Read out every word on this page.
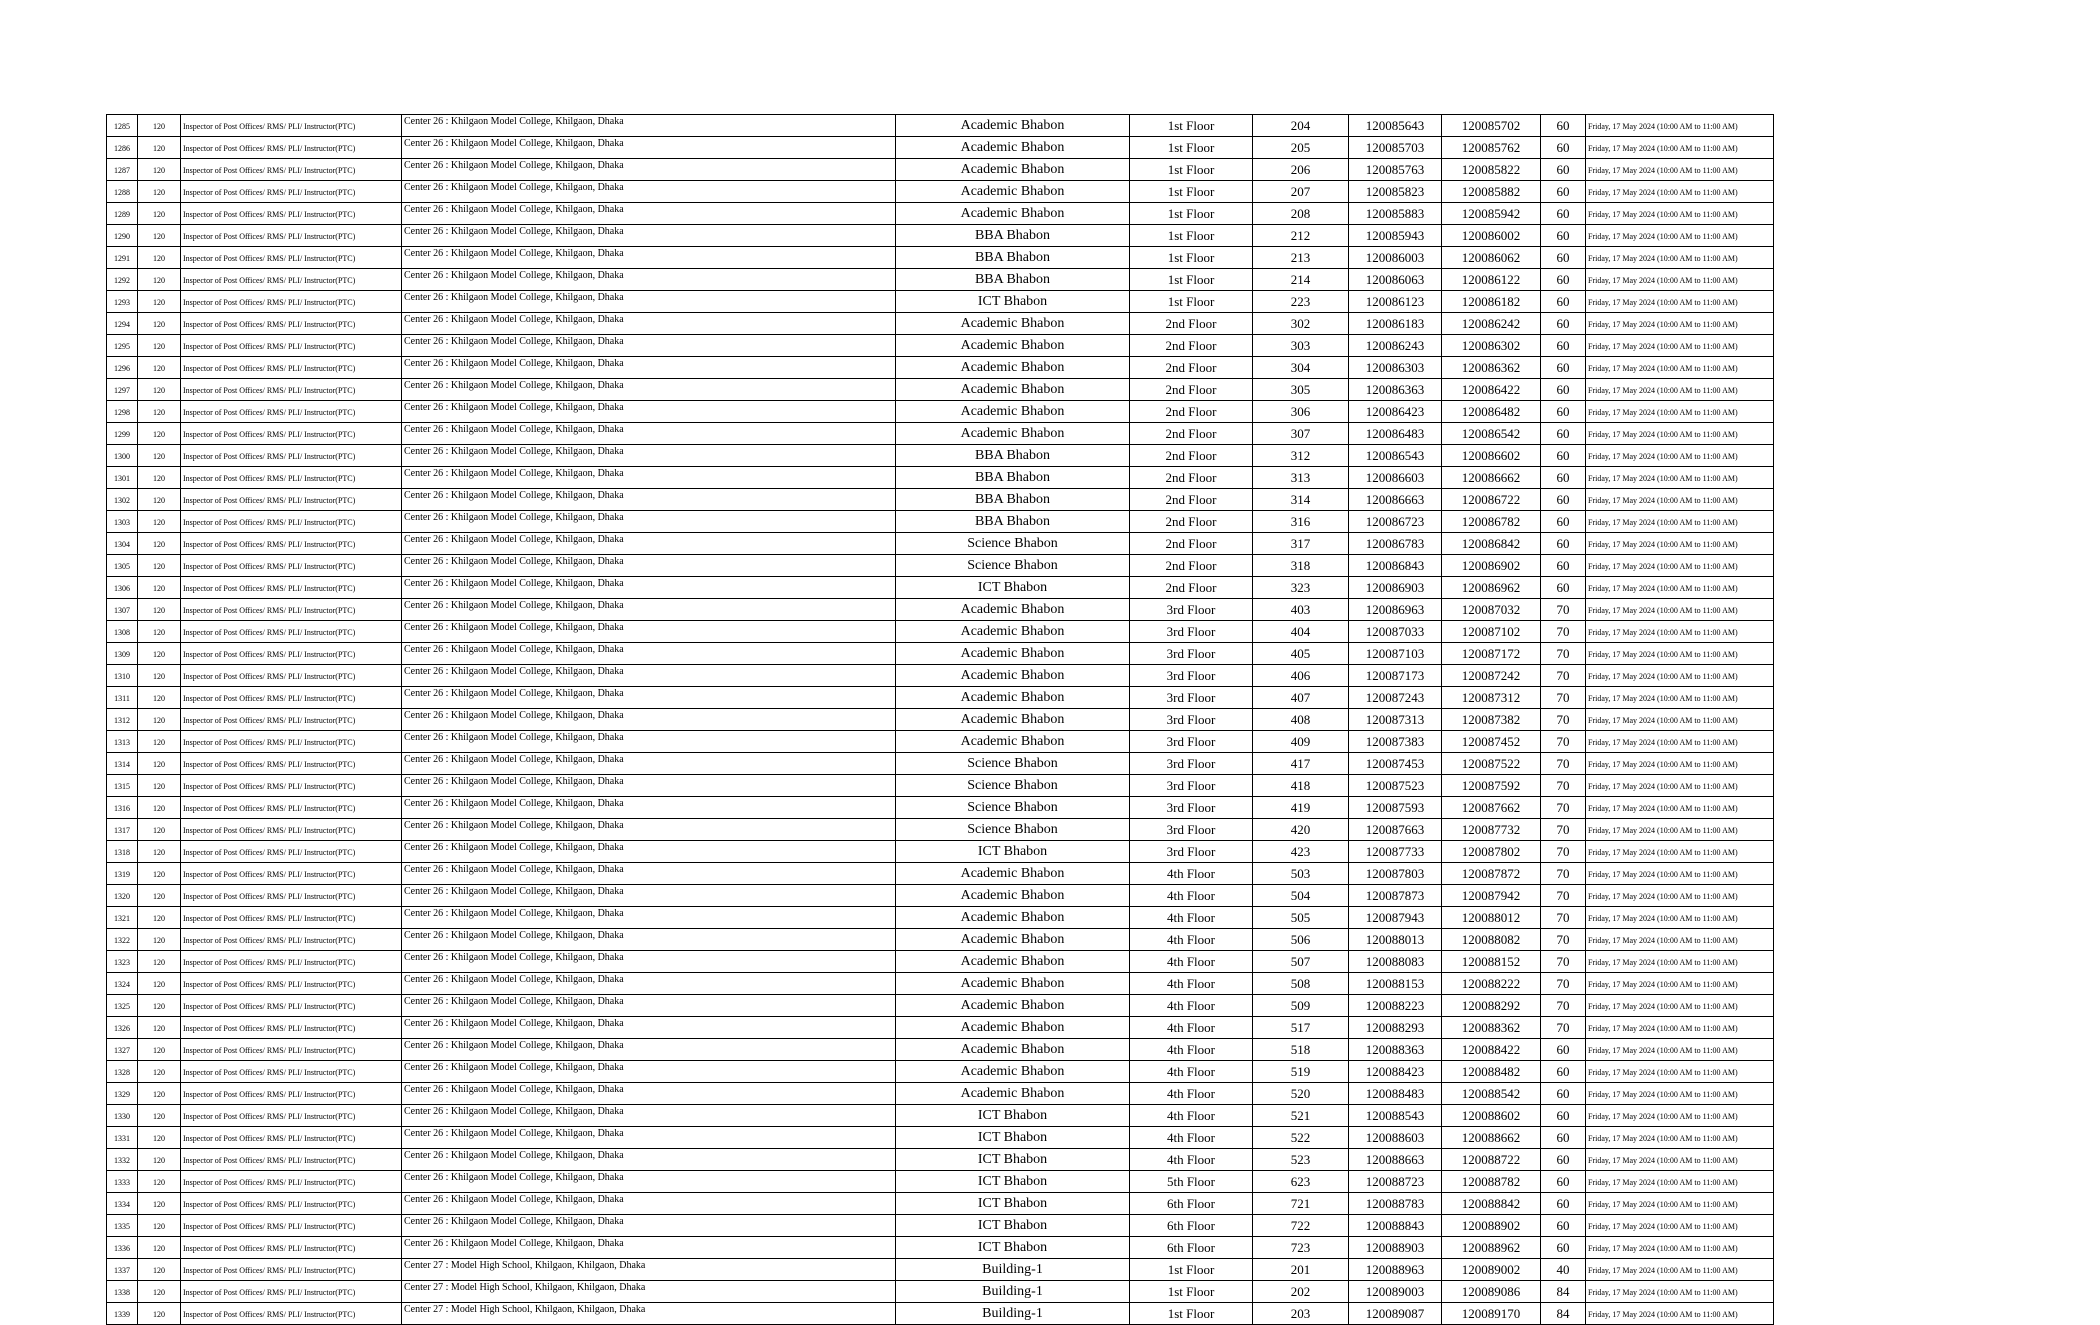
1285	120	Inspector of Post Offices/ RMS/ PLI/ Instructor(PTC)	Center 26 : Khilgaon Model College, Khilgaon, Dhaka	Academic Bhabon	1st Floor	204	120085643	120085702	60	Friday, 17 May 2024 (10:00 AM to 11:00 AM)
1286	120	Inspector of Post Offices/ RMS/ PLI/ Instructor(PTC)	Center 26 : Khilgaon Model College, Khilgaon, Dhaka	Academic Bhabon	1st Floor	205	120085703	120085762	60	Friday, 17 May 2024 (10:00 AM to 11:00 AM)
1287	120	Inspector of Post Offices/ RMS/ PLI/ Instructor(PTC)	Center 26 : Khilgaon Model College, Khilgaon, Dhaka	Academic Bhabon	1st Floor	206	120085763	120085822	60	Friday, 17 May 2024 (10:00 AM to 11:00 AM)
1288	120	Inspector of Post Offices/ RMS/ PLI/ Instructor(PTC)	Center 26 : Khilgaon Model College, Khilgaon, Dhaka	Academic Bhabon	1st Floor	207	120085823	120085882	60	Friday, 17 May 2024 (10:00 AM to 11:00 AM)
1289	120	Inspector of Post Offices/ RMS/ PLI/ Instructor(PTC)	Center 26 : Khilgaon Model College, Khilgaon, Dhaka	Academic Bhabon	1st Floor	208	120085883	120085942	60	Friday, 17 May 2024 (10:00 AM to 11:00 AM)
1290	120	Inspector of Post Offices/ RMS/ PLI/ Instructor(PTC)	Center 26 : Khilgaon Model College, Khilgaon, Dhaka	BBA Bhabon	1st Floor	212	120085943	120086002	60	Friday, 17 May 2024 (10:00 AM to 11:00 AM)
1291	120	Inspector of Post Offices/ RMS/ PLI/ Instructor(PTC)	Center 26 : Khilgaon Model College, Khilgaon, Dhaka	BBA Bhabon	1st Floor	213	120086003	120086062	60	Friday, 17 May 2024 (10:00 AM to 11:00 AM)
1292	120	Inspector of Post Offices/ RMS/ PLI/ Instructor(PTC)	Center 26 : Khilgaon Model College, Khilgaon, Dhaka	BBA Bhabon	1st Floor	214	120086063	120086122	60	Friday, 17 May 2024 (10:00 AM to 11:00 AM)
1293	120	Inspector of Post Offices/ RMS/ PLI/ Instructor(PTC)	Center 26 : Khilgaon Model College, Khilgaon, Dhaka	ICT Bhabon	1st Floor	223	120086123	120086182	60	Friday, 17 May 2024 (10:00 AM to 11:00 AM)
1294	120	Inspector of Post Offices/ RMS/ PLI/ Instructor(PTC)	Center 26 : Khilgaon Model College, Khilgaon, Dhaka	Academic Bhabon	2nd Floor	302	120086183	120086242	60	Friday, 17 May 2024 (10:00 AM to 11:00 AM)
1295	120	Inspector of Post Offices/ RMS/ PLI/ Instructor(PTC)	Center 26 : Khilgaon Model College, Khilgaon, Dhaka	Academic Bhabon	2nd Floor	303	120086243	120086302	60	Friday, 17 May 2024 (10:00 AM to 11:00 AM)
1296	120	Inspector of Post Offices/ RMS/ PLI/ Instructor(PTC)	Center 26 : Khilgaon Model College, Khilgaon, Dhaka	Academic Bhabon	2nd Floor	304	120086303	120086362	60	Friday, 17 May 2024 (10:00 AM to 11:00 AM)
1297	120	Inspector of Post Offices/ RMS/ PLI/ Instructor(PTC)	Center 26 : Khilgaon Model College, Khilgaon, Dhaka	Academic Bhabon	2nd Floor	305	120086363	120086422	60	Friday, 17 May 2024 (10:00 AM to 11:00 AM)
1298	120	Inspector of Post Offices/ RMS/ PLI/ Instructor(PTC)	Center 26 : Khilgaon Model College, Khilgaon, Dhaka	Academic Bhabon	2nd Floor	306	120086423	120086482	60	Friday, 17 May 2024 (10:00 AM to 11:00 AM)
1299	120	Inspector of Post Offices/ RMS/ PLI/ Instructor(PTC)	Center 26 : Khilgaon Model College, Khilgaon, Dhaka	Academic Bhabon	2nd Floor	307	120086483	120086542	60	Friday, 17 May 2024 (10:00 AM to 11:00 AM)
1300	120	Inspector of Post Offices/ RMS/ PLI/ Instructor(PTC)	Center 26 : Khilgaon Model College, Khilgaon, Dhaka	BBA Bhabon	2nd Floor	312	120086543	120086602	60	Friday, 17 May 2024 (10:00 AM to 11:00 AM)
1301	120	Inspector of Post Offices/ RMS/ PLI/ Instructor(PTC)	Center 26 : Khilgaon Model College, Khilgaon, Dhaka	BBA Bhabon	2nd Floor	313	120086603	120086662	60	Friday, 17 May 2024 (10:00 AM to 11:00 AM)
1302	120	Inspector of Post Offices/ RMS/ PLI/ Instructor(PTC)	Center 26 : Khilgaon Model College, Khilgaon, Dhaka	BBA Bhabon	2nd Floor	314	120086663	120086722	60	Friday, 17 May 2024 (10:00 AM to 11:00 AM)
1303	120	Inspector of Post Offices/ RMS/ PLI/ Instructor(PTC)	Center 26 : Khilgaon Model College, Khilgaon, Dhaka	BBA Bhabon	2nd Floor	316	120086723	120086782	60	Friday, 17 May 2024 (10:00 AM to 11:00 AM)
1304	120	Inspector of Post Offices/ RMS/ PLI/ Instructor(PTC)	Center 26 : Khilgaon Model College, Khilgaon, Dhaka	Science Bhabon	2nd Floor	317	120086783	120086842	60	Friday, 17 May 2024 (10:00 AM to 11:00 AM)
1305	120	Inspector of Post Offices/ RMS/ PLI/ Instructor(PTC)	Center 26 : Khilgaon Model College, Khilgaon, Dhaka	Science Bhabon	2nd Floor	318	120086843	120086902	60	Friday, 17 May 2024 (10:00 AM to 11:00 AM)
1306	120	Inspector of Post Offices/ RMS/ PLI/ Instructor(PTC)	Center 26 : Khilgaon Model College, Khilgaon, Dhaka	ICT Bhabon	2nd Floor	323	120086903	120086962	60	Friday, 17 May 2024 (10:00 AM to 11:00 AM)
1307	120	Inspector of Post Offices/ RMS/ PLI/ Instructor(PTC)	Center 26 : Khilgaon Model College, Khilgaon, Dhaka	Academic Bhabon	3rd Floor	403	120086963	120087032	70	Friday, 17 May 2024 (10:00 AM to 11:00 AM)
1308	120	Inspector of Post Offices/ RMS/ PLI/ Instructor(PTC)	Center 26 : Khilgaon Model College, Khilgaon, Dhaka	Academic Bhabon	3rd Floor	404	120087033	120087102	70	Friday, 17 May 2024 (10:00 AM to 11:00 AM)
1309	120	Inspector of Post Offices/ RMS/ PLI/ Instructor(PTC)	Center 26 : Khilgaon Model College, Khilgaon, Dhaka	Academic Bhabon	3rd Floor	405	120087103	120087172	70	Friday, 17 May 2024 (10:00 AM to 11:00 AM)
1310	120	Inspector of Post Offices/ RMS/ PLI/ Instructor(PTC)	Center 26 : Khilgaon Model College, Khilgaon, Dhaka	Academic Bhabon	3rd Floor	406	120087173	120087242	70	Friday, 17 May 2024 (10:00 AM to 11:00 AM)
1311	120	Inspector of Post Offices/ RMS/ PLI/ Instructor(PTC)	Center 26 : Khilgaon Model College, Khilgaon, Dhaka	Academic Bhabon	3rd Floor	407	120087243	120087312	70	Friday, 17 May 2024 (10:00 AM to 11:00 AM)
1312	120	Inspector of Post Offices/ RMS/ PLI/ Instructor(PTC)	Center 26 : Khilgaon Model College, Khilgaon, Dhaka	Academic Bhabon	3rd Floor	408	120087313	120087382	70	Friday, 17 May 2024 (10:00 AM to 11:00 AM)
1313	120	Inspector of Post Offices/ RMS/ PLI/ Instructor(PTC)	Center 26 : Khilgaon Model College, Khilgaon, Dhaka	Academic Bhabon	3rd Floor	409	120087383	120087452	70	Friday, 17 May 2024 (10:00 AM to 11:00 AM)
1314	120	Inspector of Post Offices/ RMS/ PLI/ Instructor(PTC)	Center 26 : Khilgaon Model College, Khilgaon, Dhaka	Science Bhabon	3rd Floor	417	120087453	120087522	70	Friday, 17 May 2024 (10:00 AM to 11:00 AM)
1315	120	Inspector of Post Offices/ RMS/ PLI/ Instructor(PTC)	Center 26 : Khilgaon Model College, Khilgaon, Dhaka	Science Bhabon	3rd Floor	418	120087523	120087592	70	Friday, 17 May 2024 (10:00 AM to 11:00 AM)
1316	120	Inspector of Post Offices/ RMS/ PLI/ Instructor(PTC)	Center 26 : Khilgaon Model College, Khilgaon, Dhaka	Science Bhabon	3rd Floor	419	120087593	120087662	70	Friday, 17 May 2024 (10:00 AM to 11:00 AM)
1317	120	Inspector of Post Offices/ RMS/ PLI/ Instructor(PTC)	Center 26 : Khilgaon Model College, Khilgaon, Dhaka	Science Bhabon	3rd Floor	420	120087663	120087732	70	Friday, 17 May 2024 (10:00 AM to 11:00 AM)
1318	120	Inspector of Post Offices/ RMS/ PLI/ Instructor(PTC)	Center 26 : Khilgaon Model College, Khilgaon, Dhaka	ICT Bhabon	3rd Floor	423	120087733	120087802	70	Friday, 17 May 2024 (10:00 AM to 11:00 AM)
1319	120	Inspector of Post Offices/ RMS/ PLI/ Instructor(PTC)	Center 26 : Khilgaon Model College, Khilgaon, Dhaka	Academic Bhabon	4th Floor	503	120087803	120087872	70	Friday, 17 May 2024 (10:00 AM to 11:00 AM)
1320	120	Inspector of Post Offices/ RMS/ PLI/ Instructor(PTC)	Center 26 : Khilgaon Model College, Khilgaon, Dhaka	Academic Bhabon	4th Floor	504	120087873	120087942	70	Friday, 17 May 2024 (10:00 AM to 11:00 AM)
1321	120	Inspector of Post Offices/ RMS/ PLI/ Instructor(PTC)	Center 26 : Khilgaon Model College, Khilgaon, Dhaka	Academic Bhabon	4th Floor	505	120087943	120088012	70	Friday, 17 May 2024 (10:00 AM to 11:00 AM)
1322	120	Inspector of Post Offices/ RMS/ PLI/ Instructor(PTC)	Center 26 : Khilgaon Model College, Khilgaon, Dhaka	Academic Bhabon	4th Floor	506	120088013	120088082	70	Friday, 17 May 2024 (10:00 AM to 11:00 AM)
1323	120	Inspector of Post Offices/ RMS/ PLI/ Instructor(PTC)	Center 26 : Khilgaon Model College, Khilgaon, Dhaka	Academic Bhabon	4th Floor	507	120088083	120088152	70	Friday, 17 May 2024 (10:00 AM to 11:00 AM)
1324	120	Inspector of Post Offices/ RMS/ PLI/ Instructor(PTC)	Center 26 : Khilgaon Model College, Khilgaon, Dhaka	Academic Bhabon	4th Floor	508	120088153	120088222	70	Friday, 17 May 2024 (10:00 AM to 11:00 AM)
1325	120	Inspector of Post Offices/ RMS/ PLI/ Instructor(PTC)	Center 26 : Khilgaon Model College, Khilgaon, Dhaka	Academic Bhabon	4th Floor	509	120088223	120088292	70	Friday, 17 May 2024 (10:00 AM to 11:00 AM)
1326	120	Inspector of Post Offices/ RMS/ PLI/ Instructor(PTC)	Center 26 : Khilgaon Model College, Khilgaon, Dhaka	Academic Bhabon	4th Floor	517	120088293	120088362	70	Friday, 17 May 2024 (10:00 AM to 11:00 AM)
1327	120	Inspector of Post Offices/ RMS/ PLI/ Instructor(PTC)	Center 26 : Khilgaon Model College, Khilgaon, Dhaka	Academic Bhabon	4th Floor	518	120088363	120088422	60	Friday, 17 May 2024 (10:00 AM to 11:00 AM)
1328	120	Inspector of Post Offices/ RMS/ PLI/ Instructor(PTC)	Center 26 : Khilgaon Model College, Khilgaon, Dhaka	Academic Bhabon	4th Floor	519	120088423	120088482	60	Friday, 17 May 2024 (10:00 AM to 11:00 AM)
1329	120	Inspector of Post Offices/ RMS/ PLI/ Instructor(PTC)	Center 26 : Khilgaon Model College, Khilgaon, Dhaka	Academic Bhabon	4th Floor	520	120088483	120088542	60	Friday, 17 May 2024 (10:00 AM to 11:00 AM)
1330	120	Inspector of Post Offices/ RMS/ PLI/ Instructor(PTC)	Center 26 : Khilgaon Model College, Khilgaon, Dhaka	ICT Bhabon	4th Floor	521	120088543	120088602	60	Friday, 17 May 2024 (10:00 AM to 11:00 AM)
1331	120	Inspector of Post Offices/ RMS/ PLI/ Instructor(PTC)	Center 26 : Khilgaon Model College, Khilgaon, Dhaka	ICT Bhabon	4th Floor	522	120088603	120088662	60	Friday, 17 May 2024 (10:00 AM to 11:00 AM)
1332	120	Inspector of Post Offices/ RMS/ PLI/ Instructor(PTC)	Center 26 : Khilgaon Model College, Khilgaon, Dhaka	ICT Bhabon	4th Floor	523	120088663	120088722	60	Friday, 17 May 2024 (10:00 AM to 11:00 AM)
1333	120	Inspector of Post Offices/ RMS/ PLI/ Instructor(PTC)	Center 26 : Khilgaon Model College, Khilgaon, Dhaka	ICT Bhabon	5th Floor	623	120088723	120088782	60	Friday, 17 May 2024 (10:00 AM to 11:00 AM)
1334	120	Inspector of Post Offices/ RMS/ PLI/ Instructor(PTC)	Center 26 : Khilgaon Model College, Khilgaon, Dhaka	ICT Bhabon	6th Floor	721	120088783	120088842	60	Friday, 17 May 2024 (10:00 AM to 11:00 AM)
1335	120	Inspector of Post Offices/ RMS/ PLI/ Instructor(PTC)	Center 26 : Khilgaon Model College, Khilgaon, Dhaka	ICT Bhabon	6th Floor	722	120088843	120088902	60	Friday, 17 May 2024 (10:00 AM to 11:00 AM)
1336	120	Inspector of Post Offices/ RMS/ PLI/ Instructor(PTC)	Center 26 : Khilgaon Model College, Khilgaon, Dhaka	ICT Bhabon	6th Floor	723	120088903	120088962	60	Friday, 17 May 2024 (10:00 AM to 11:00 AM)
1337	120	Inspector of Post Offices/ RMS/ PLI/ Instructor(PTC)	Center 27 : Model High School, Khilgaon, Khilgaon, Dhaka	Building-1	1st Floor	201	120088963	120089002	40	Friday, 17 May 2024 (10:00 AM to 11:00 AM)
1338	120	Inspector of Post Offices/ RMS/ PLI/ Instructor(PTC)	Center 27 : Model High School, Khilgaon, Khilgaon, Dhaka	Building-1	1st Floor	202	120089003	120089086	84	Friday, 17 May 2024 (10:00 AM to 11:00 AM)
1339	120	Inspector of Post Offices/ RMS/ PLI/ Instructor(PTC)	Center 27 : Model High School, Khilgaon, Khilgaon, Dhaka	Building-1	1st Floor	203	120089087	120089170	84	Friday, 17 May 2024 (10:00 AM to 11:00 AM)
